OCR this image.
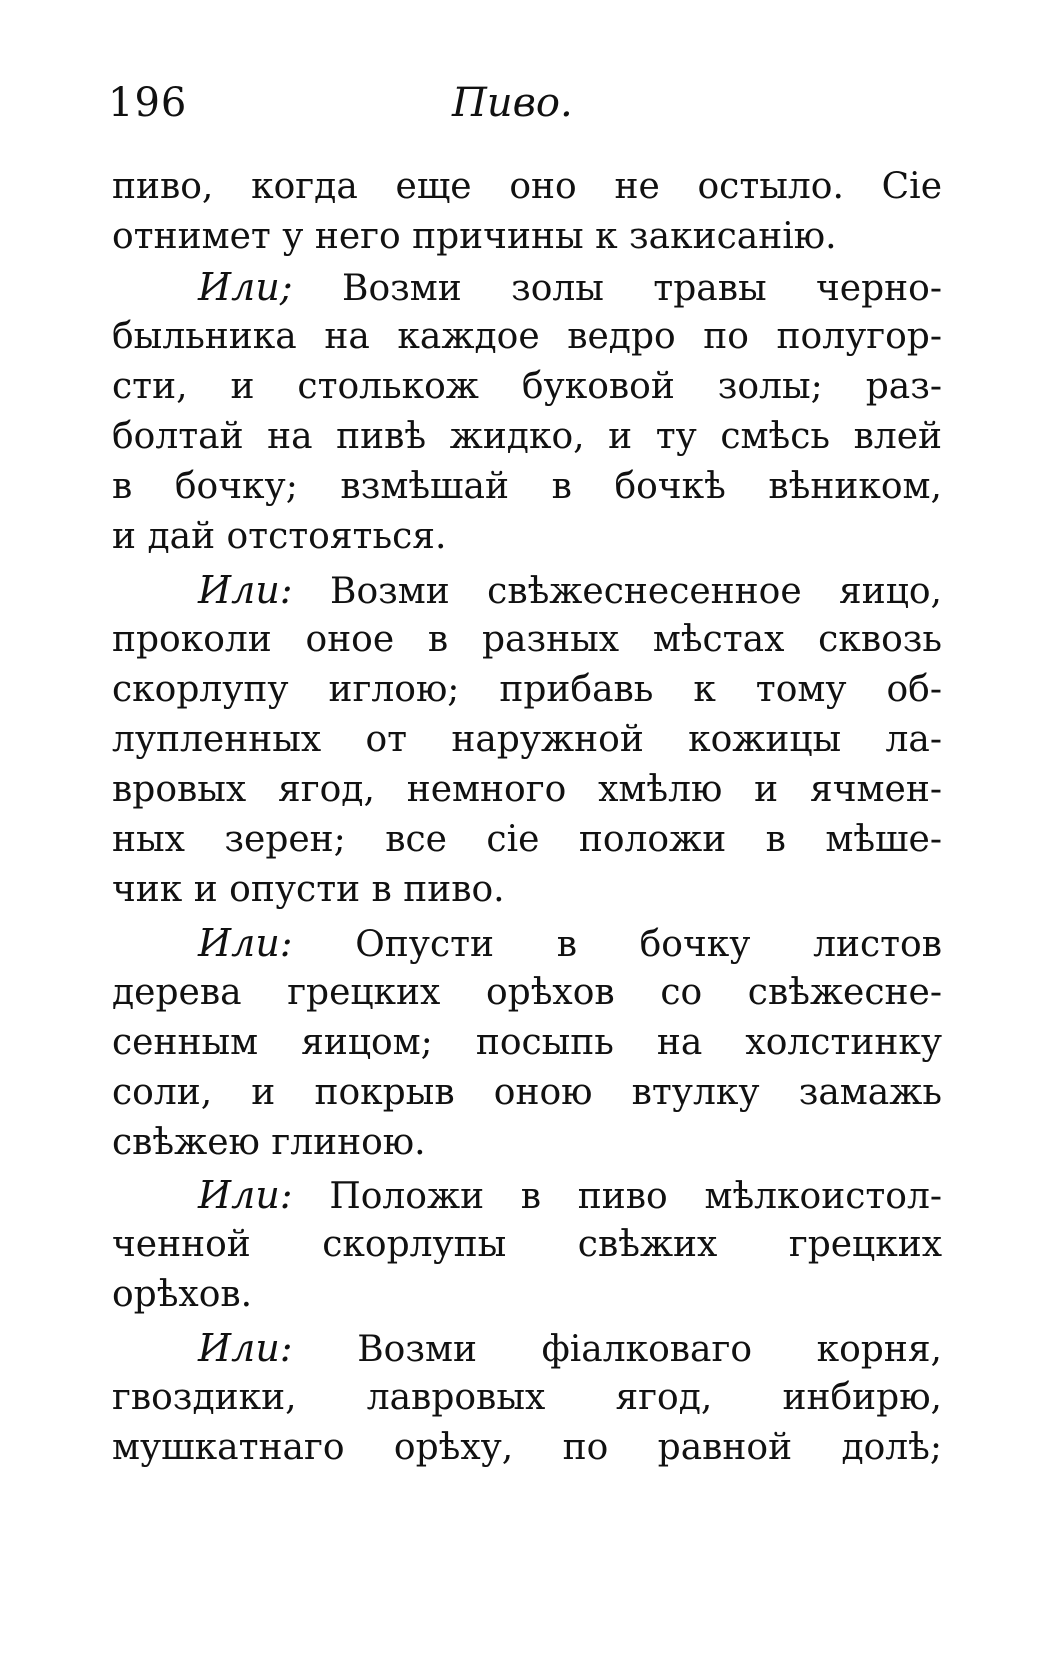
196	Пиво.
пиво, когда еще оно не остыло. Сіе
отнимет у него причины к закисанію.
Или; Возми золы травы черно-
быльника на каждое ведро по полугор-
сти, и столькож буковой золы; раз-
болтай на пивѣ жидко, и ту смѣсь влей
в бочку; взмѣшай в бочкѣ вѣником,
и дай отстояться.
Или: Возми свѣжеснесенное яицо,
проколи оное в разных мѣстах сквозь
скорлупу иглою; прибавь к тому об-
лупленных от наружной кожицы ла-
вровых ягод, немного хмѣлю и ячмен-
ных зерен; все сіе положи в мѣше-
чик и опусти в пиво.
Или: Опусти в бочку листов
дерева грецких орѣхов со свѣжесне-
сенным яицом; посыпь на холстинку
соли, и покрыв оною втулку замажь
свѣжею глиною.
Или: Положи в пиво мѣлкоистол-
ченной скорлупы свѣжих грецких
орѣхов.
Или: Возми фіалковаго корня,
гвоздики, лавровых ягод, инбирю,
мушкатнаго орѣху, по равной долѣ;
